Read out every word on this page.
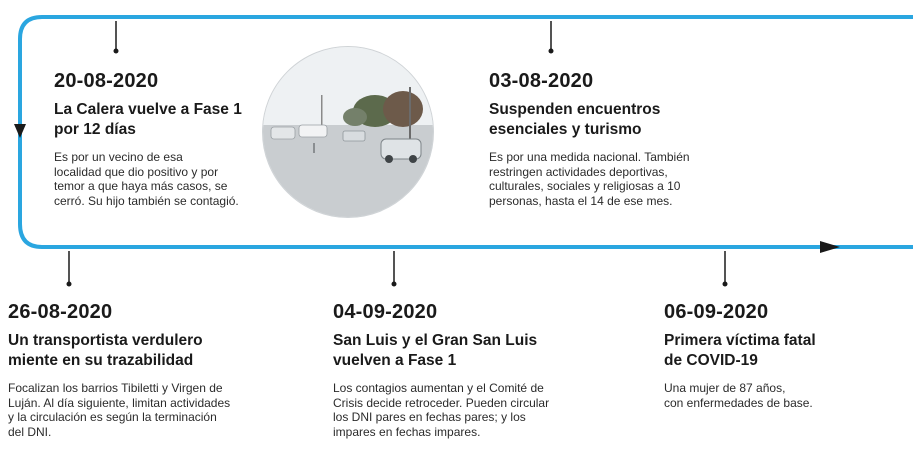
20-08-2020
La Calera vuelve a Fase 1
por 12 días
Es por un vecino de esa
localidad que dio positivo y por
temor a que haya más casos, se
cerró. Su hijo también se contagió.
03-08-2020
Suspenden encuentros
esenciales y turismo
Es por una medida nacional. También
restringen actividades deportivas,
culturales, sociales y religiosas a 10
personas, hasta el 14 de ese mes.
26-08-2020
Un transportista verdulero
miente en su trazabilidad
Focalizan los barrios Tibiletti y Virgen de
Luján. Al día siguiente, limitan actividades
y la circulación es según la terminación
del DNI.
04-09-2020
San Luis y el Gran San Luis
vuelven a Fase 1
Los contagios aumentan y el Comité de
Crisis decide retroceder. Pueden circular
los DNI pares en fechas pares; y los
impares en fechas impares.
06-09-2020
Primera víctima fatal
de COVID-19
Una mujer de 87 años,
con enfermedades de base.
